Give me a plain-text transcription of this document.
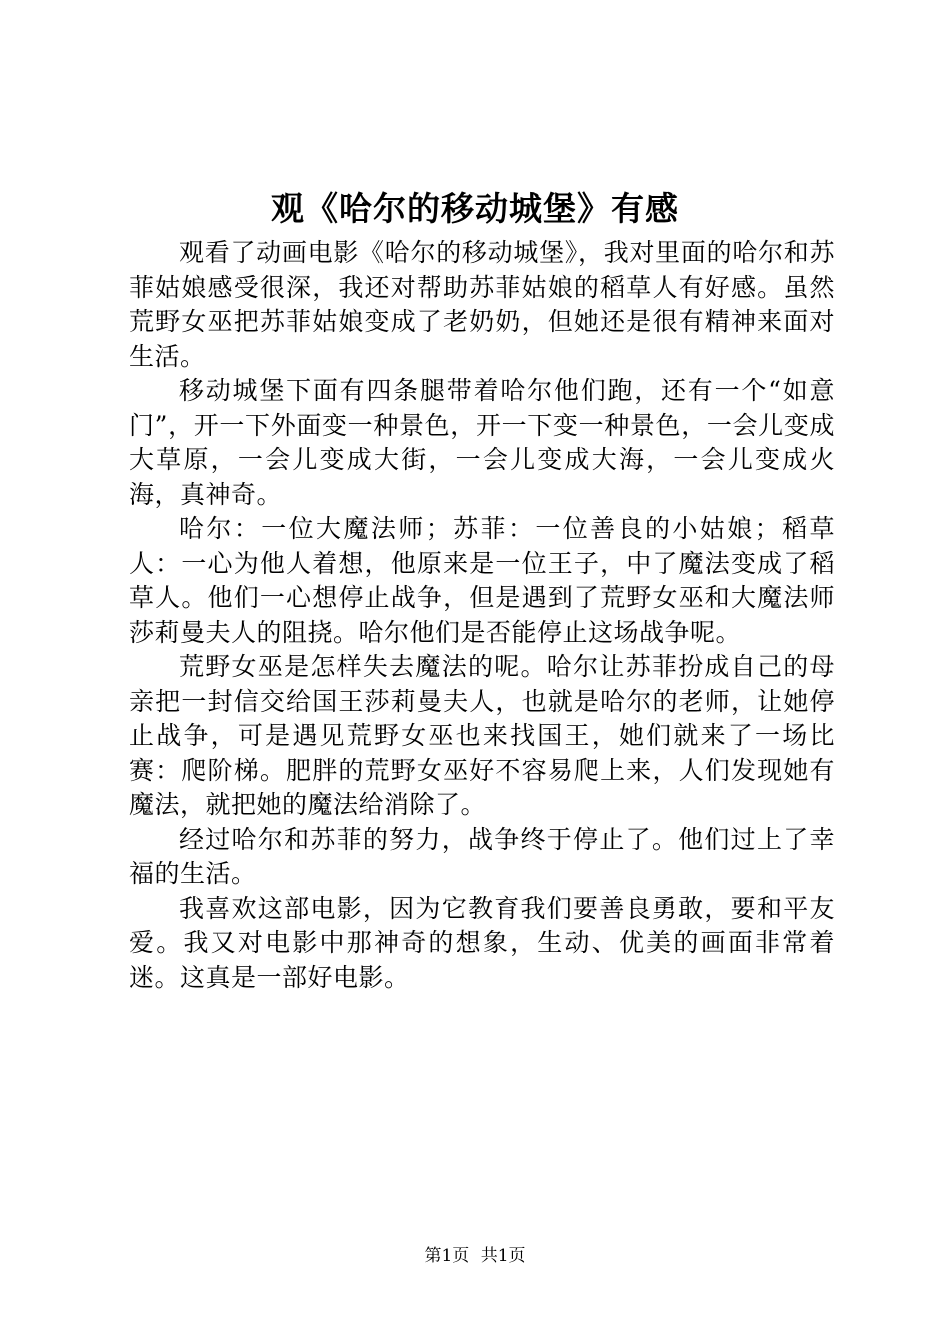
观《哈尔的移动城堡》有感

观看了动画电影《哈尔的移动城堡》，我对里面的哈尔和苏菲姑娘感受很深，我还对帮助苏菲姑娘的稻草人有好感。虽然荒野女巫把苏菲姑娘变成了老奶奶，但她还是很有精神来面对生活。

移动城堡下面有四条腿带着哈尔他们跑，还有一个“如意门”，开一下外面变一种景色，开一下变一种景色，一会儿变成大草原，一会儿变成大街，一会儿变成大海，一会儿变成火海，真神奇。

哈尔：一位大魔法师；苏菲：一位善良的小姑娘；稻草人：一心为他人着想，他原来是一位王子，中了魔法变成了稻草人。他们一心想停止战争，但是遇到了荒野女巫和大魔法师莎莉曼夫人的阻挠。哈尔他们是否能停止这场战争呢。

荒野女巫是怎样失去魔法的呢。哈尔让苏菲扮成自己的母亲把一封信交给国王莎莉曼夫人，也就是哈尔的老师，让她停止战争，可是遇见荒野女巫也来找国王，她们就来了一场比赛：爬阶梯。肥胖的荒野女巫好不容易爬上来，人们发现她有魔法，就把她的魔法给消除了。

经过哈尔和苏菲的努力，战争终于停止了。他们过上了幸福的生活。

我喜欢这部电影，因为它教育我们要善良勇敢，要和平友爱。我又对电影中那神奇的想象，生动、优美的画面非常着迷。这真是一部好电影。

第1页 共1页
